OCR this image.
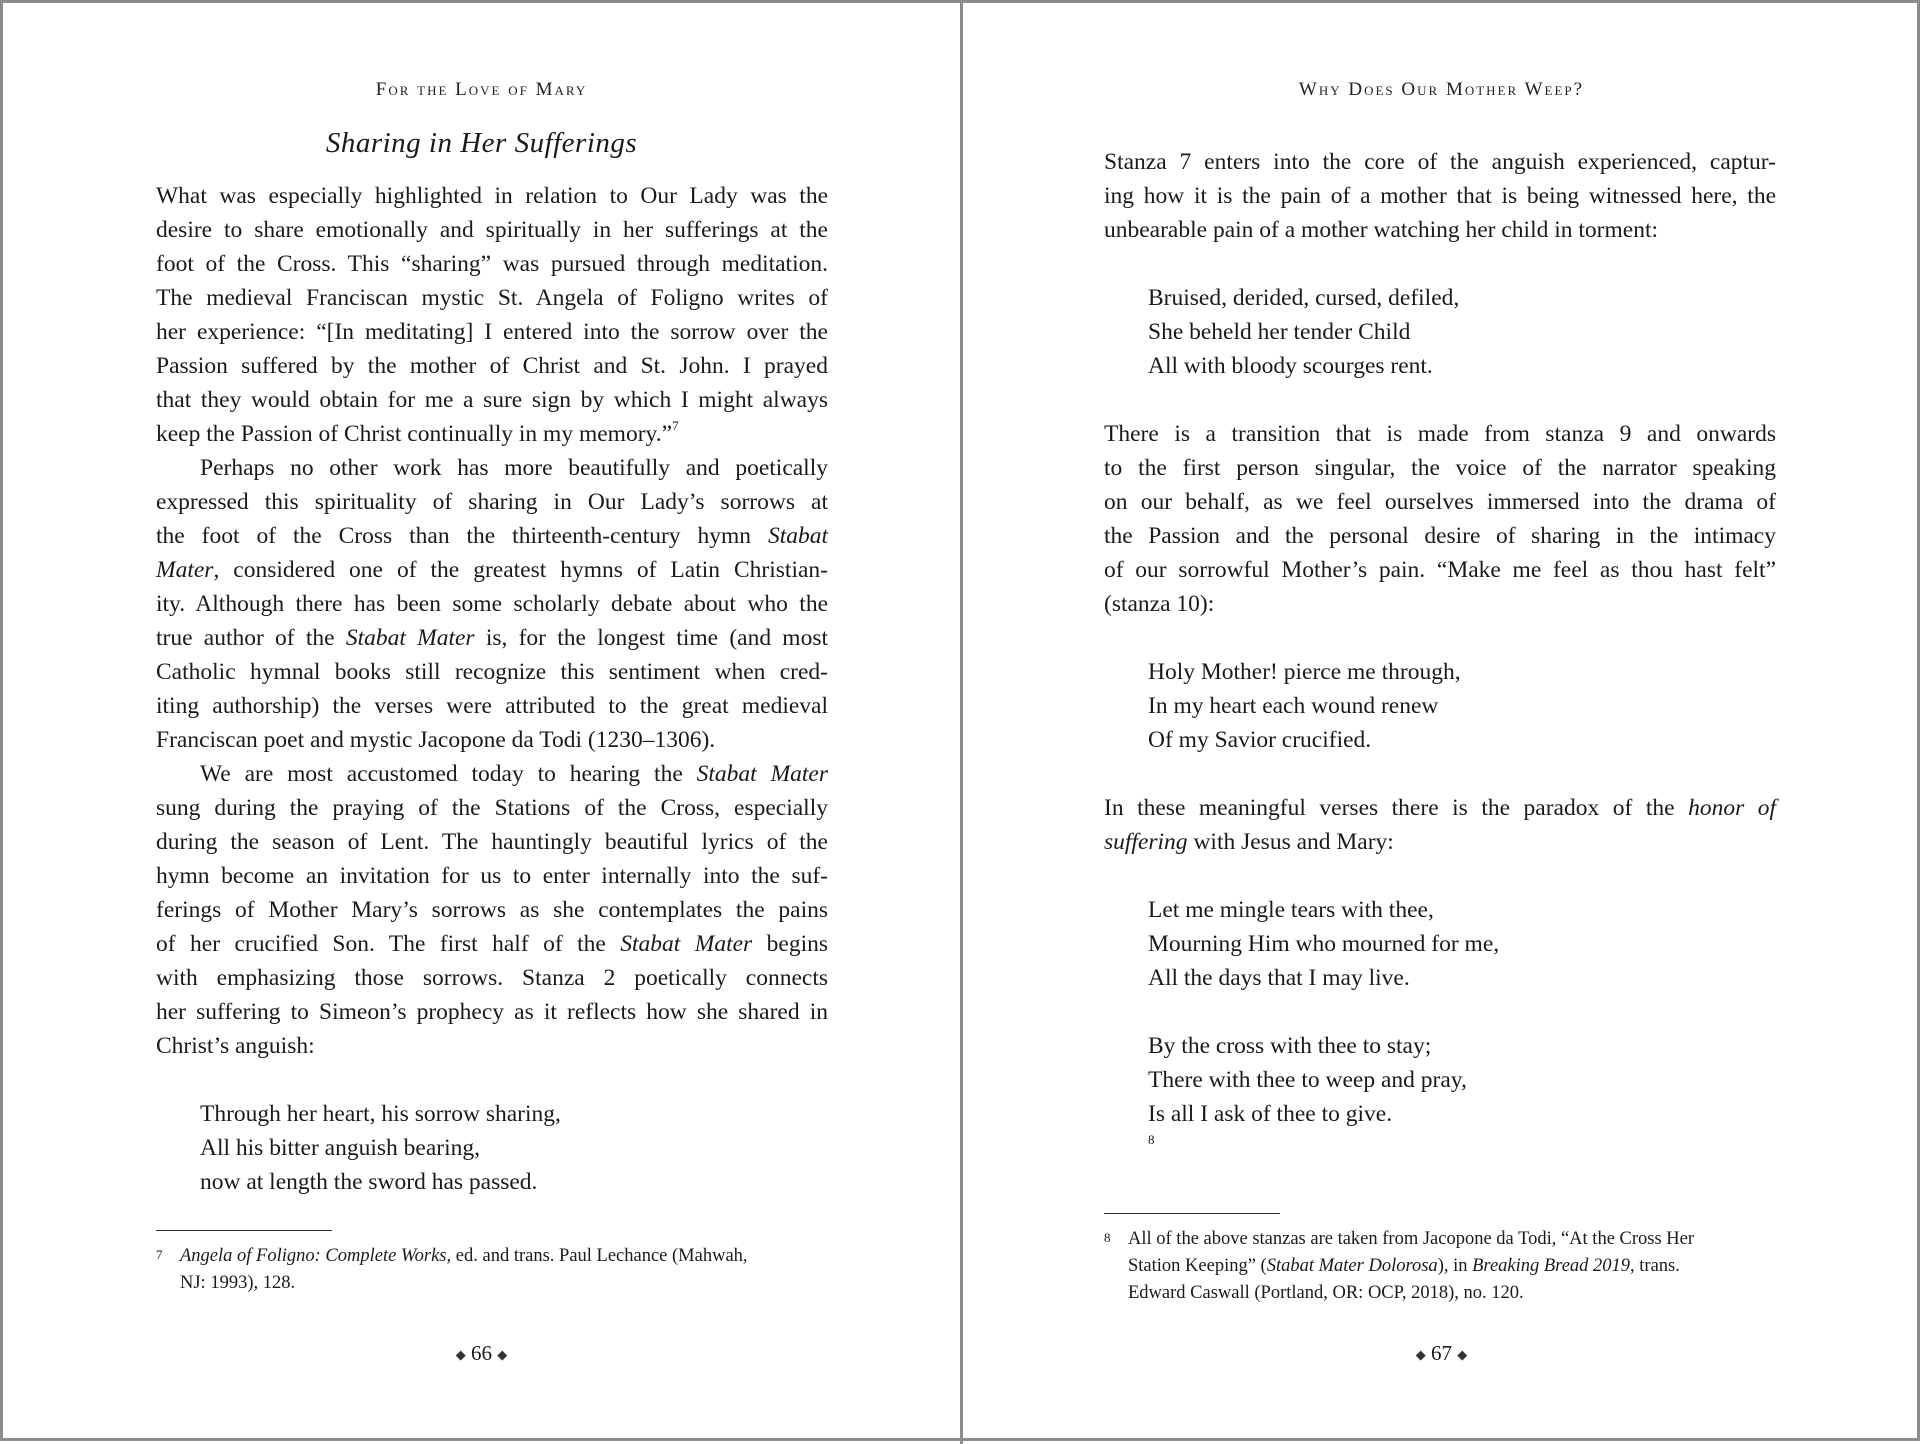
For the Love of Mary
Sharing in Her Sufferings

What was especially highlighted in relation to Our Lady was the
desire to share emotionally and spiritually in her sufferings at the
foot of the Cross. This “sharing” was pursued through meditation.
The medieval Franciscan mystic St. Angela of Foligno writes of
her experience: “[In meditating] I entered into the sorrow over the
Passion suffered by the mother of Christ and St. John. I prayed
that they would obtain for me a sure sign by which I might always
keep the Passion of Christ continually in my memory.”$^7$

Perhaps no other work has more beautifully and poetically
expressed this spirituality of sharing in Our Lady’s sorrows at
the foot of the Cross than the thirteenth-century hymn Stabat
Mater, considered one of the greatest hymns of Latin Christian-
ity. Although there has been some scholarly debate about who the
true author of the Stabat Mater is, for the longest time (and most
Catholic hymnal books still recognize this sentiment when cred-
iting authorship) the verses were attributed to the great medieval
Franciscan poet and mystic Jacopone da Todi (1230–1306).

We are most accustomed today to hearing the Stabat Mater
sung during the praying of the Stations of the Cross, especially
during the season of Lent. The hauntingly beautiful lyrics of the
hymn become an invitation for us to enter internally into the suf-
ferings of Mother Mary’s sorrows as she contemplates the pains
of her crucified Son. The first half of the Stabat Mater begins
with emphasizing those sorrows. Stanza 2 poetically connects
her suffering to Simeon’s prophecy as it reflects how she shared in
Christ’s anguish:

Through her heart, his sorrow sharing,
All his bitter anguish bearing,
now at length the sword has passed.
7 Angela of Foligno: Complete Works, ed. and trans. Paul Lechance (Mahwah,
NJ: 1993), 128.
◆ 66 ◆
Why Does Our Mother Weep?

Stanza 7 enters into the core of the anguish experienced, captur-
ing how it is the pain of a mother that is being witnessed here, the
unbearable pain of a mother watching her child in torment:

Bruised, derided, cursed, defiled,
She beheld her tender Child
All with bloody scourges rent.

There is a transition that is made from stanza 9 and onwards
to the first person singular, the voice of the narrator speaking
on our behalf, as we feel ourselves immersed into the drama of
the Passion and the personal desire of sharing in the intimacy
of our sorrowful Mother’s pain. “Make me feel as thou hast felt”
(stanza 10):

Holy Mother! pierce me through,
In my heart each wound renew
Of my Savior crucified.

In these meaningful verses there is the paradox of the honor of
suffering with Jesus and Mary:

Let me mingle tears with thee,
Mourning Him who mourned for me,
All the days that I may live.
By the cross with thee to stay;
There with thee to weep and pray,
Is all I ask of thee to give.
$^8$
8 All of the above stanzas are taken from Jacopone da Todi, “At the Cross Her
Station Keeping” (Stabat Mater Dolorosa), in Breaking Bread 2019, trans.
Edward Caswall (Portland, OR: OCP, 2018), no. 120.
◆ 67 ◆
